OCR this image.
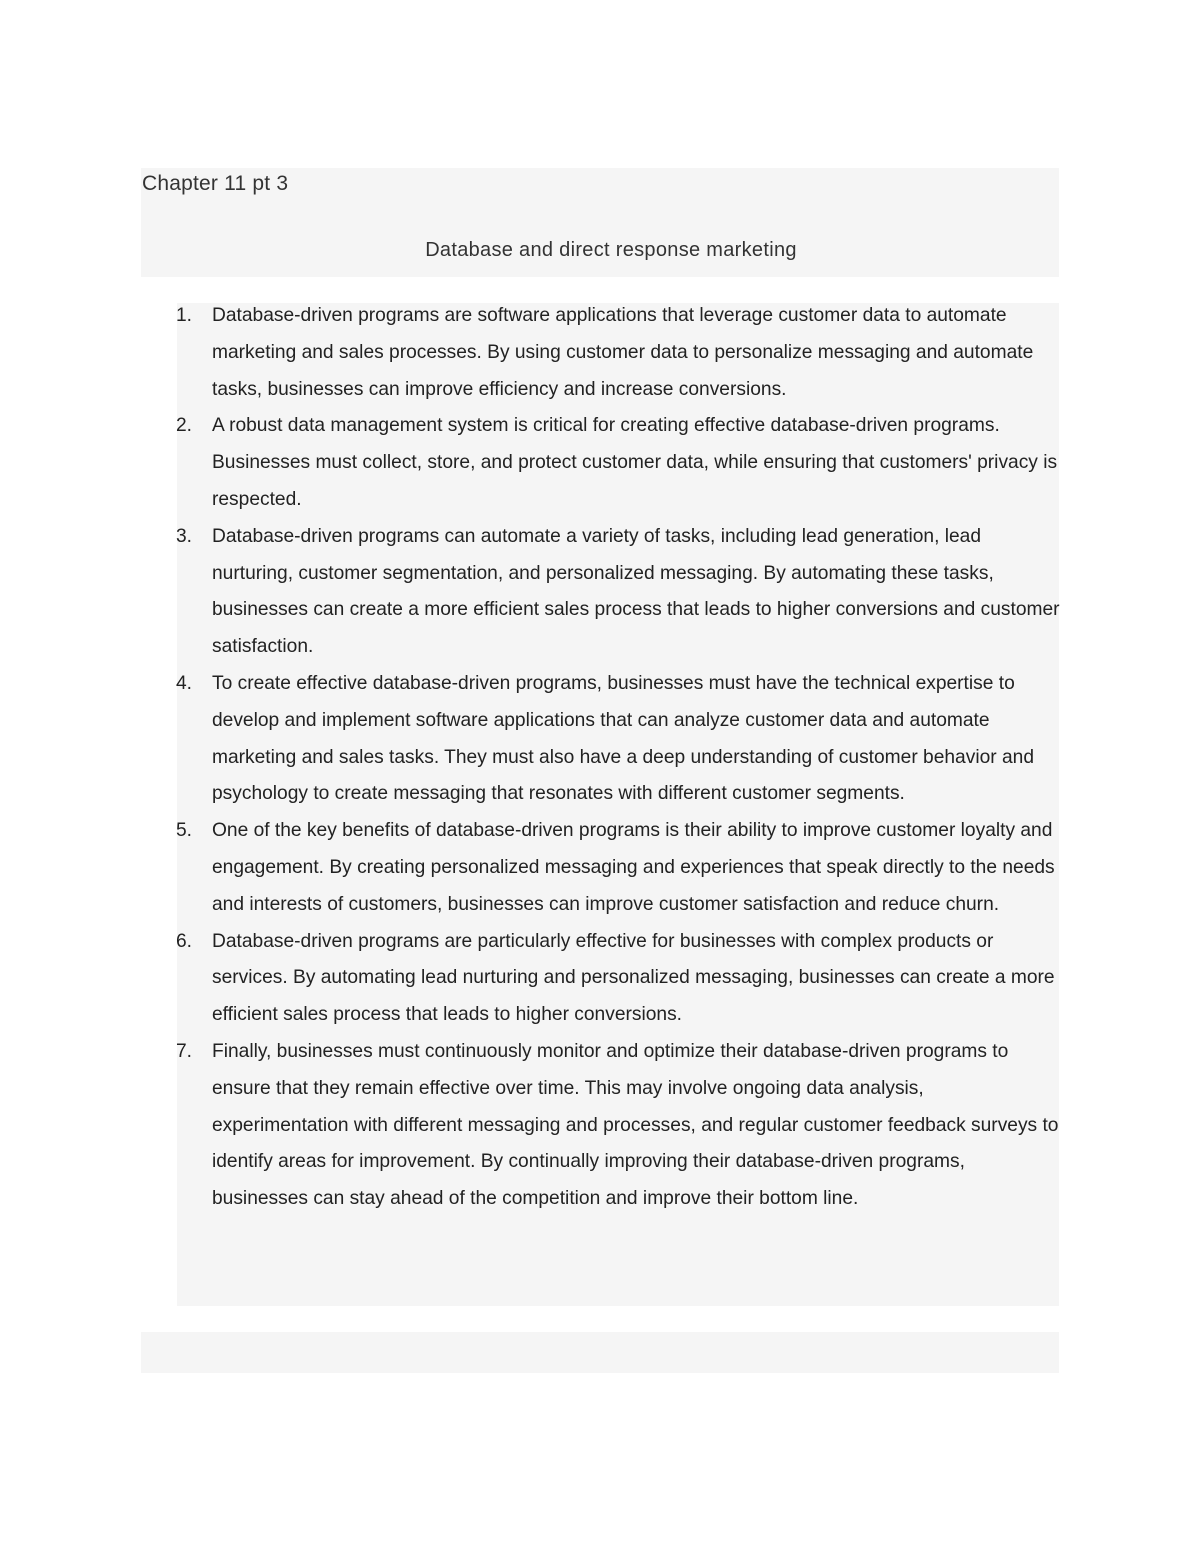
Chapter 11 pt 3
Database and direct response marketing
1.	Database-driven programs are software applications that leverage customer data to automate marketing and sales processes. By using customer data to personalize messaging and automate tasks, businesses can improve efficiency and increase conversions.
2.	A robust data management system is critical for creating effective database-driven programs. Businesses must collect, store, and protect customer data, while ensuring that customers' privacy is respected.
3.	Database-driven programs can automate a variety of tasks, including lead generation, lead nurturing, customer segmentation, and personalized messaging. By automating these tasks, businesses can create a more efficient sales process that leads to higher conversions and customer satisfaction.
4.	To create effective database-driven programs, businesses must have the technical expertise to develop and implement software applications that can analyze customer data and automate marketing and sales tasks. They must also have a deep understanding of customer behavior and psychology to create messaging that resonates with different customer segments.
5.	One of the key benefits of database-driven programs is their ability to improve customer loyalty and engagement. By creating personalized messaging and experiences that speak directly to the needs and interests of customers, businesses can improve customer satisfaction and reduce churn.
6.	Database-driven programs are particularly effective for businesses with complex products or services. By automating lead nurturing and personalized messaging, businesses can create a more efficient sales process that leads to higher conversions.
7.	Finally, businesses must continuously monitor and optimize their database-driven programs to ensure that they remain effective over time. This may involve ongoing data analysis, experimentation with different messaging and processes, and regular customer feedback surveys to identify areas for improvement. By continually improving their database-driven programs, businesses can stay ahead of the competition and improve their bottom line.
